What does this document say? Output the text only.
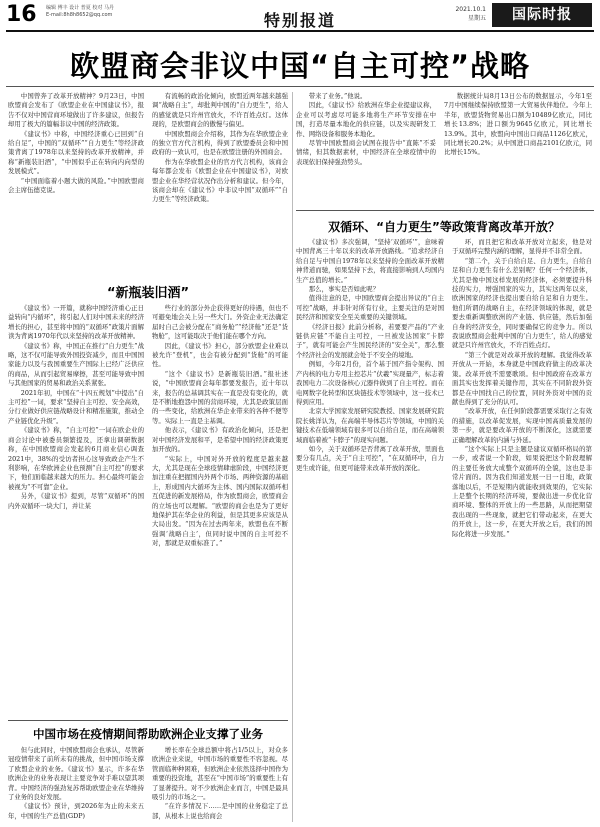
16 编辑 傅丰 设计 普夏 校对 马丹
E-mail:8h8h8652@qq.com	特别报道
2021.10.1
星期五	国际时报
欧盟商会非议中国“自主可控”战略

中国曾奔了改革开放精神？9月23日，中国欧盟商会发布了《欧盟企业在中国建议书》，报告不仅对中国营商环境做出了许多建议，但报告却用了极大的篇幅非议中国的经济政策。

《建议书》中称，中国经济重心已回到“自给自足”，中国的“双循环”“自力更生”等经济政策背离了1978年以来坚持的改革开放精神，并称“新瓶装旧酒”，“中国似乎正在转向内向型的发展模式”。

“中国面临着小题大做的风险。”中国欧盟商会主席伍德克说。

有流畅的政治化倾向，欧盟近两年越来越强调“战略自主”，却批判中国的“自力更生”，给人的感觉就是只许州官放火，不许百姓点灯。这体现的，是欧盟商会的傲慢与偏见。

中国欧盟商会介绍称，其作为在华欧盟企业的独立官方代言机构，得到了欧盟委员会和中国政府的一致认可，也是在欧盟注册的外国商会。

作为在华欧盟企业的官方代言机构，该商会每年都会发布《欧盟企业在中国建议书》，对欧盟企业在华经营状况作出分析和建议。但今年，该商会却在《建议书》中非议中国“双循环”“自力更生”等经济政策。

带来了业务。”他说。

因此，《建议书》给欧洲在华企业提建议称，企业可以考虑尽可能多地将生产环节安排在中国，打造尽量本地化的供应链，以及实现研发工作、网络设备和服务本地化。

尽管中国欧盟商会试图在报告中“直陈”不妥情绪，但其数据素材，中国经济在全球疫情中的表现依旧保持强劲势头。

数据统计局8月13日公布的数据显示，今年1至7月中国继续保持欧盟第一大贸易伙伴地位。今年上半年，欧盟货物贸易出口额为10489亿欧元，同比增长13.8%；进口额为9645亿欧元，同比增长13.9%。其中，欧盟向中国出口商品1126亿欧元，同比增长20.2%；从中国进口商品2101亿欧元，同比增长15%。

“新瓶装旧酒”
双循环、“自力更生”等政策背离改革开放？

《建议书》一开篇，就称中国经济重心正日益转向“内循环”，将引起人们对中国未来的经济增长的担心，甚至将中国的“双循环”政策片面解读为背离1970年代以来坚持的改革开放精神。

《建议书》称，中国正在推行“自力更生”战略，这不仅可能导致外国投资减少，而且中国国家能力以及与我国重要生产国际上已经广泛供应的商品，从而引起贸易摩擦，甚至可能导致中国与其他国家的贸易和政治关系紧张。

2021年初，中国在“十四五规划”中提出“自主可控”一词，要求“坚持自主可控、安全高效，分行业做好供应链战略设计和精准施策，推动全产业链优化升级”。

《建议书》称，“自主可控”一词在欧企业的商会讨论中被委员频繁提及，还拿出调研数据称，在中国欧盟商会发起的6月商业信心调查2021中，38%的受访者担心这导致政企产生不利影响，在华欧洲企业也预测“自主可控”的要求下，他们面临越来越大的压力。担心最终可能会被视为“不可靠”企业。

另外，《建议书》提到，尽管“双循环”的国内外双循环一块大门，并让某

些行业的部分外企获得更好的待遇，但也不可避免地会关上另一些大门。外资企业无法确定届时自己会被分配在“商务舱”“经济舱”还是“货物舱”，这可能取决于他们能在哪个方向。

因此，《建议书》担心，部分欧盟企业难以被允许“登机”，也会有被分配到“货舱”的可能性。

“这个《建议书》是新瓶装旧酒。”报社述说，“中国欧盟商会每年都要发报告，近十年以来，报告的总基调其实在一直是没有变化的，就是不断地抱怨中国的营商环境，尤其是政策层面的一些变化，给欧洲在华企业带来的各种不便等等。实际上一直是主基调。

他表示，《建议书》有政治化倾向，还是把对中国经济发展和平，是希望中国的经济政策更加开放的。

“实际上，中国对外开放的程度是越来越大，尤其是现在全球疫情肆虐阶段，中国经济更加注重在把握国内外两个市场、两种资源的基础上，形成国内大循环为主体、国内国际双循环相互促进的新发展格局，作为欧盟商会，欧盟商会的立场也可以理解。“欧盟的商会也是为了更好地保护其在华企业的利益，但是其更多应该是从大局出发。“因为在过去两年来，欧盟也在不断强调‘战略自主’，但同时说中国的自主可控不对，那就是双重标准了。”

《建议书》多次强调，“坚持‘双循环’”，意味着中国背离三十年以来的改革开放路线。“追求经济自给自足与中国自1978年以来坚持的全面改革开放精神背道而驰，如果坚持下去，将直接影响到人均国内生产总值的增长。”

那么，事实是否如此呢？

值得注意的是，中国欧盟商会提出异议的“自主可控”战略，并非针对所有行业，主要关注的是对国民经济和国家安全至关重要的关键领域。

《经济日报》此前分析称，若要要产品的“产业链供应链”不能自主可控，一旦被发达国家“卡脖子”，就有可能会产生国民经济的“安全关”，那么整个经济社会的发展就会处于不安全的境地。

例如，今年2月份，首个基于国产指令架构、国产内核的电力专用主控芯片“伏羲”实现量产，标志着我国电力二次设备核心元器件做到了自主可控。而在电网数字化转型和区块链技术等领域中，这一技术已得到应用。

北京大学国家发展研究院教授、国家发展研究院院长姚洋认为，在高端半导体芯片等领域，中国的关键技术在低端领域有很多可以自给自足，而在高端领域面临着被“卡脖子”的现实问题。

如今，关于双循环是否背离了改革开放，里面也要分有几点，关于“自主可控”，“在双循环中，自力更生或许能，但更可能带来改革开放的深化。

环，而且把它和改革开放对立起来，他是对于双循环完整内涵的理解，显得并不非常全面。

“第二个，关于自给自足、自力更生，自给自足和自力更生有什么差别呢？任何一个经济体，尤其是像中国这样发展的经济体，必须要提升科技的实力，增强国家的实力，其实这两年以来，欧洲国家的经济也提出要自给自足和自力更生。他们所谓的战略自主，在经济领域的体现，就是要去重新调整欧洲的产业链、供应链，然后加强自身的经济安全，同时要确保它的竞争力。所以我说欧盟商会批判中国的‘自力更生’，给人的感觉就是只许州官放火，不许百姓点灯。

“第三个就是对改革开放的理解。我觉得改革开放从一开始，本身就是中国政府做主的改革决策。改革开放不需要歌颂。但中国政府在改革方面其实也发挥着关键作用，其实在不同阶段外资都是在中国找自己的位置，同时外资对中国的贡献也得到了充分的认可。

“改革开放，在任何阶段都需要采取行之有效的措施，以改革促发展，实现中国高质量发展的第一步，就是要改革开放的不断深化，这就需要正确理解改革的内涵与外延。

“这个实际上只是主题是建议双循环格局的第一步，或者说一个阶段，如果说把这个阶段理解的主要任务放大成整个双循环的全貌，这也是非常片面的。因为我们知道发展一日一日地，政策落地以后，不是短期内就能收到效果的，它实际上是整个长期的经济环境，要做出进一步优化营商环境、整体的开放上的一些思路，从而把期望我出现的一些现象，就把它们带动起来，在更大的开放上，这一步，在更大开放之后，我们的国际化将进一步发展。”

中国市场在疫情期间帮助欧洲企业支撑了业务

但与此同时，中国欧盟商会也承认，尽管新冠疫情带来了前所未有的挑战，但中国市场支撑了欧盟企业的业务。《建议书》显示，许多在华欧洲企业的业务表现让主要竞争对手难以望其项背。中国经济的强劲复苏帮助欧盟企业在华维持了业务的良好发展。

《建议书》预计，到2026年为止的未来五年，中国的生产总值(GDP)

增长率在全球总额中将占1/5以上，对众多欧洲企业来说，中国市场的重要性不容忽视。尽管面临种种困难，但欧洲企业依然选择中国作为重要的投资地，甚至在“中国市场”的重要性上有了显著提升。对不少欧洲企业而言，中国是最具吸引力的市场之一。

“在许多情况下……是中国的业务稳定了总部，从根本上说也给商会
